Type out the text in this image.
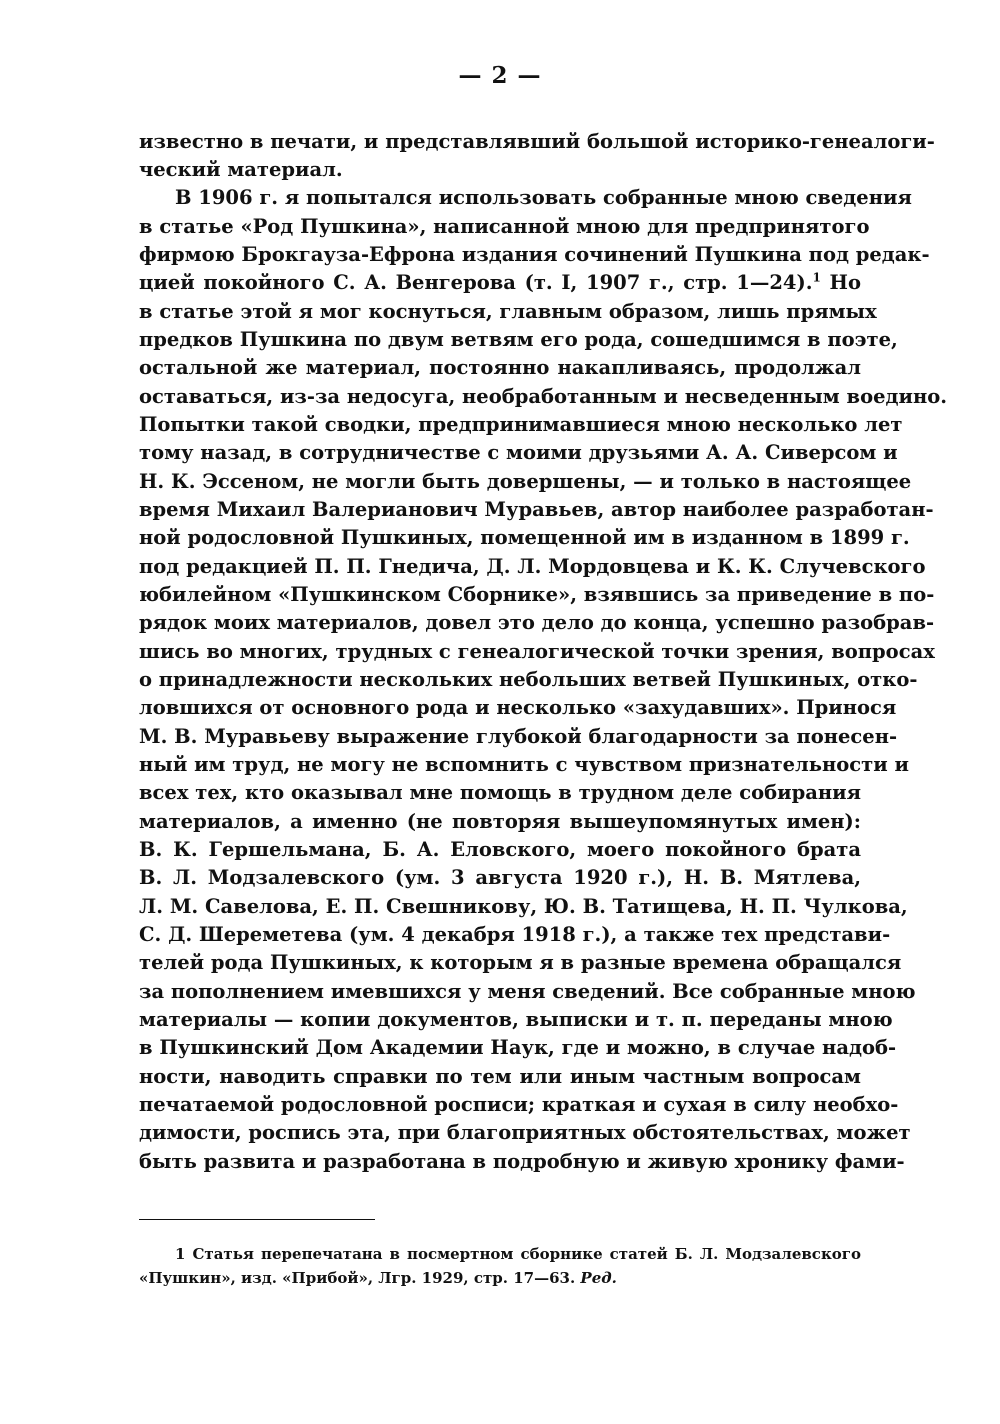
— 2 —
известно в печати, и представлявший большой историко-генеалоги-
ческий материал.
В 1906 г. я попытался использовать собранные мною сведения
в статье «Род Пушкина», написанной мною для предпринятого
фирмою Брокгауза-Ефрона издания сочинений Пушкина под редак-
цией покойного С. А. Венгерова (т. I, 1907 г., стр. 1—24).$^1$ Но
в статье этой я мог коснуться, главным образом, лишь прямых
предков Пушкина по двум ветвям его рода, сошедшимся в поэте,
остальной же материал, постоянно накапливаясь, продолжал
оставаться, из-за недосуга, необработанным и несведенным воедино.
Попытки такой сводки, предпринимавшиеся мною несколько лет
тому назад, в сотрудничестве с моими друзьями А. А. Сиверсом и
Н. К. Эссеном, не могли быть довершены, — и только в настоящее
время Михаил Валерианович Муравьев, автор наиболее разработан-
ной родословной Пушкиных, помещенной им в изданном в 1899 г.
под редакцией П. П. Гнедича, Д. Л. Мордовцева и К. К. Случевского
юбилейном «Пушкинском Сборнике», взявшись за приведение в по-
рядок моих материалов, довел это дело до конца, успешно разобрав-
шись во многих, трудных с генеалогической точки зрения, вопросах
о принадлежности нескольких небольших ветвей Пушкиных, отко-
ловшихся от основного рода и несколько «захудавших». Принося
М. В. Муравьеву выражение глубокой благодарности за понесен-
ный им труд, не могу не вспомнить с чувством признательности и
всех тех, кто оказывал мне помощь в трудном деле собирания
материалов, а именно (не повторяя вышеупомянутых имен):
В. К. Гершельмана, Б. А. Еловского, моего покойного брата
В. Л. Модзалевского (ум. 3 августа 1920 г.), Н. В. Мятлева,
Л. М. Савелова, Е. П. Свешникову, Ю. В. Татищева, Н. П. Чулкова,
С. Д. Шереметева (ум. 4 декабря 1918 г.), а также тех представи-
телей рода Пушкиных, к которым я в разные времена обращался
за пополнением имевшихся у меня сведений. Все собранные мною
материалы — копии документов, выписки и т. п. переданы мною
в Пушкинский Дом Академии Наук, где и можно, в случае надоб-
ности, наводить справки по тем или иным частным вопросам
печатаемой родословной росписи; краткая и сухая в силу необхо-
димости, роспись эта, при благоприятных обстоятельствах, может
быть развита и разработана в подробную и живую хронику фами-
1 Статья перепечатана в посмертном сборнике статей Б. Л. Модзалевского
«Пушкин», изд. «Прибой», Лгр. 1929, стр. 17—63. Ред.
